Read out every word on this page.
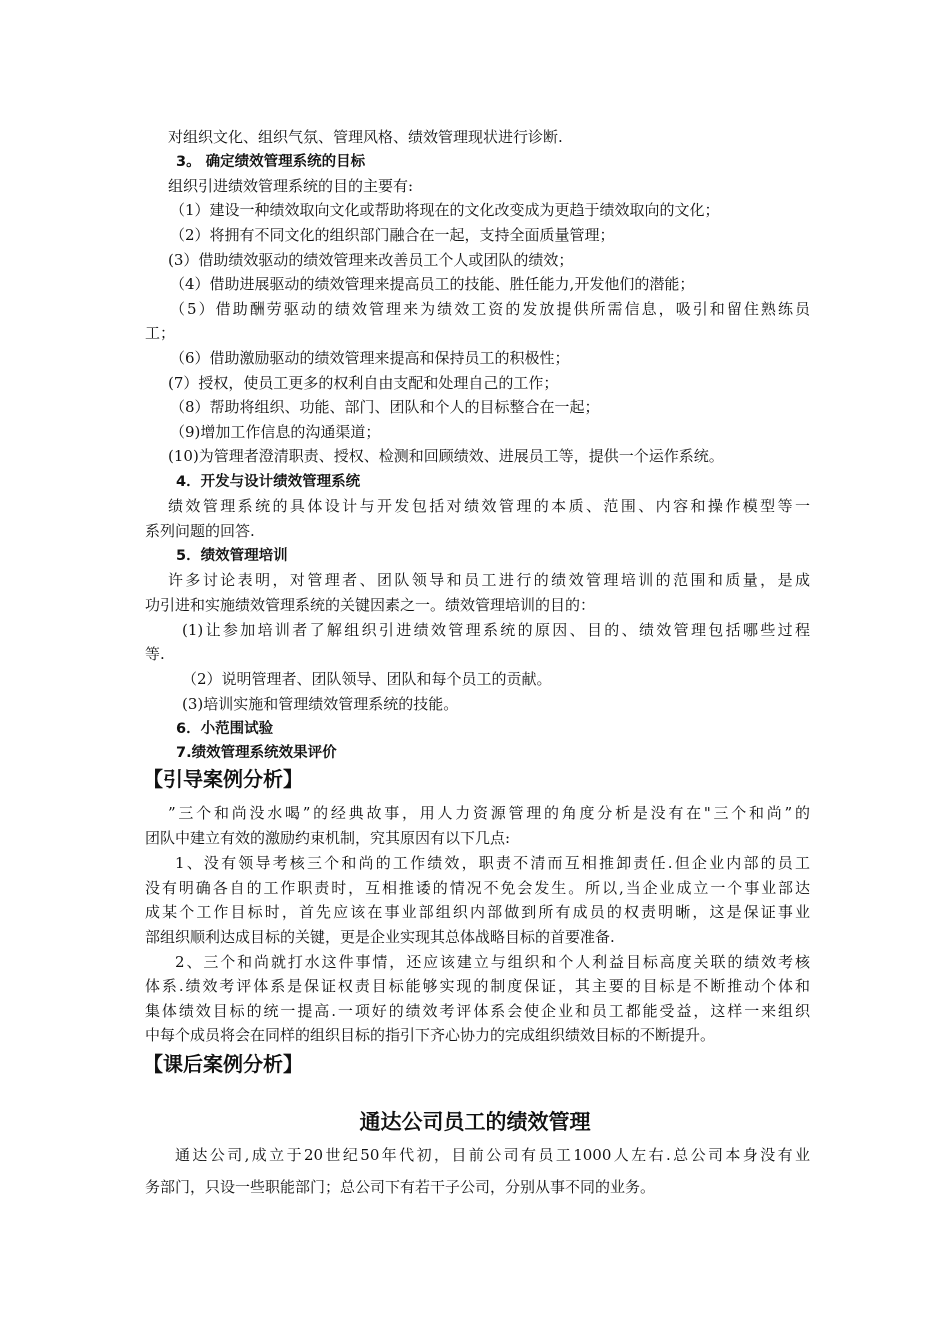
对组织文化、组织气氛、管理风格、绩效管理现状进行诊断.
3。 确定绩效管理系统的目标
组织引进绩效管理系统的目的主要有:
（1）建设一种绩效取向文化或帮助将现在的文化改变成为更趋于绩效取向的文化；
（2）将拥有不同文化的组织部门融合在一起，支持全面质量管理；
(3）借助绩效驱动的绩效管理来改善员工个人或团队的绩效；
（4）借助进展驱动的绩效管理来提高员工的技能、胜任能力,开发他们的潜能；
（5）借助酬劳驱动的绩效管理来为绩效工资的发放提供所需信息，吸引和留住熟练员
工；
（6）借助激励驱动的绩效管理来提高和保持员工的积极性；
(7）授权，使员工更多的权利自由支配和处理自己的工作；
（8）帮助将组织、功能、部门、团队和个人的目标整合在一起；
（9)增加工作信息的沟通渠道；
(10)为管理者澄清职责、授权、检测和回顾绩效、进展员工等，提供一个运作系统。
4．开发与设计绩效管理系统
绩效管理系统的具体设计与开发包括对绩效管理的本质、范围、内容和操作模型等一
系列问题的回答.
5．绩效管理培训
许多讨论表明，对管理者、团队领导和员工进行的绩效管理培训的范围和质量，是成
功引进和实施绩效管理系统的关键因素之一。绩效管理培训的目的：
(1)让参加培训者了解组织引进绩效管理系统的原因、目的、绩效管理包括哪些过程
等.
（2）说明管理者、团队领导、团队和每个员工的贡献。
(3)培训实施和管理绩效管理系统的技能。
6．小范围试验
7.绩效管理系统效果评价
【引导案例分析】
”三个和尚没水喝”的经典故事，用人力资源管理的角度分析是没有在"三个和尚”的
团队中建立有效的激励约束机制，究其原因有以下几点:
1、没有领导考核三个和尚的工作绩效，职责不清而互相推卸责任.但企业内部的员工
没有明确各自的工作职责时，互相推诿的情况不免会发生。所以,当企业成立一个事业部达
成某个工作目标时，首先应该在事业部组织内部做到所有成员的权责明晰，这是保证事业
部组织顺利达成目标的关键，更是企业实现其总体战略目标的首要准备.
2、三个和尚就打水这件事情，还应该建立与组织和个人利益目标高度关联的绩效考核
体系.绩效考评体系是保证权责目标能够实现的制度保证，其主要的目标是不断推动个体和
集体绩效目标的统一提高.一项好的绩效考评体系会使企业和员工都能受益，这样一来组织
中每个成员将会在同样的组织目标的指引下齐心协力的完成组织绩效目标的不断提升。
【课后案例分析】
通达公司员工的绩效管理
通达公司,成立于20世纪50年代初，目前公司有员工1000人左右.总公司本身没有业
务部门，只设一些职能部门；总公司下有若干子公司，分别从事不同的业务。
